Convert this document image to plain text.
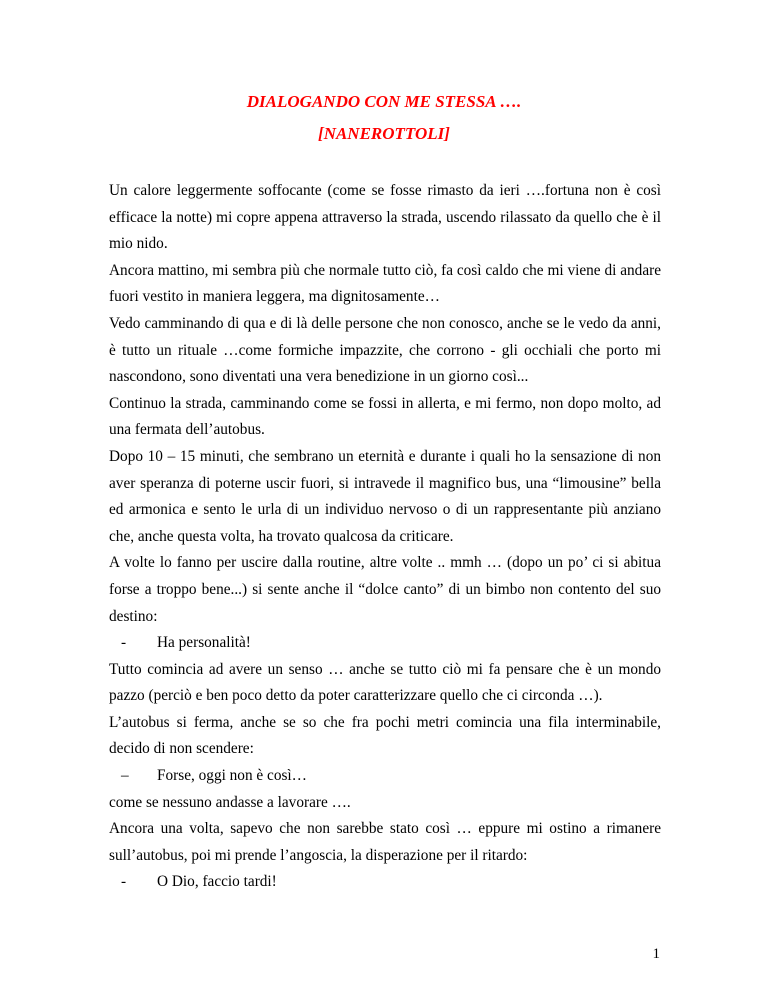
DIALOGANDO CON ME STESSA ….
[NANEROTTOLI]

Un calore leggermente soffocante (come se fosse rimasto da ieri ….fortuna non è così efficace la notte) mi copre appena attraverso la strada, uscendo rilassato da quello che è il mio nido.

Ancora mattino, mi sembra più che normale tutto ciò, fa così caldo che mi viene di andare fuori vestito in maniera leggera, ma dignitosamente…

Vedo camminando di qua e di là delle persone che non conosco, anche se le vedo da anni, è tutto un rituale …come formiche impazzite, che corrono - gli occhiali che porto mi nascondono, sono diventati una vera benedizione in un giorno così...

Continuo la strada, camminando come se fossi in allerta, e mi fermo, non dopo molto, ad una fermata dell’autobus.

Dopo 10 – 15 minuti, che sembrano un eternità e durante i quali ho la sensazione di non aver speranza di poterne uscir fuori, si intravede il magnifico bus, una “limousine” bella ed armonica e sento le urla di un individuo nervoso o di un rappresentante più anziano che, anche questa volta, ha trovato qualcosa da criticare.

A volte lo fanno per uscire dalla routine, altre volte .. mmh … (dopo un po’ ci si abitua forse a troppo bene...) si sente anche il “dolce canto” di un bimbo non contento del suo destino:

- Ha personalità!

Tutto comincia ad avere un senso … anche se tutto ciò mi fa pensare che è un mondo pazzo (perciò e ben poco detto da poter caratterizzare quello che ci circonda …).

L’autobus si ferma, anche se so che fra pochi metri comincia una fila interminabile, decido di non scendere:

– Forse, oggi non è così…

come se nessuno andasse a lavorare ….

Ancora una volta, sapevo che non sarebbe stato così … eppure mi ostino a rimanere sull’autobus, poi mi prende l’angoscia, la disperazione per il ritardo:

- O Dio, faccio tardi!

1
